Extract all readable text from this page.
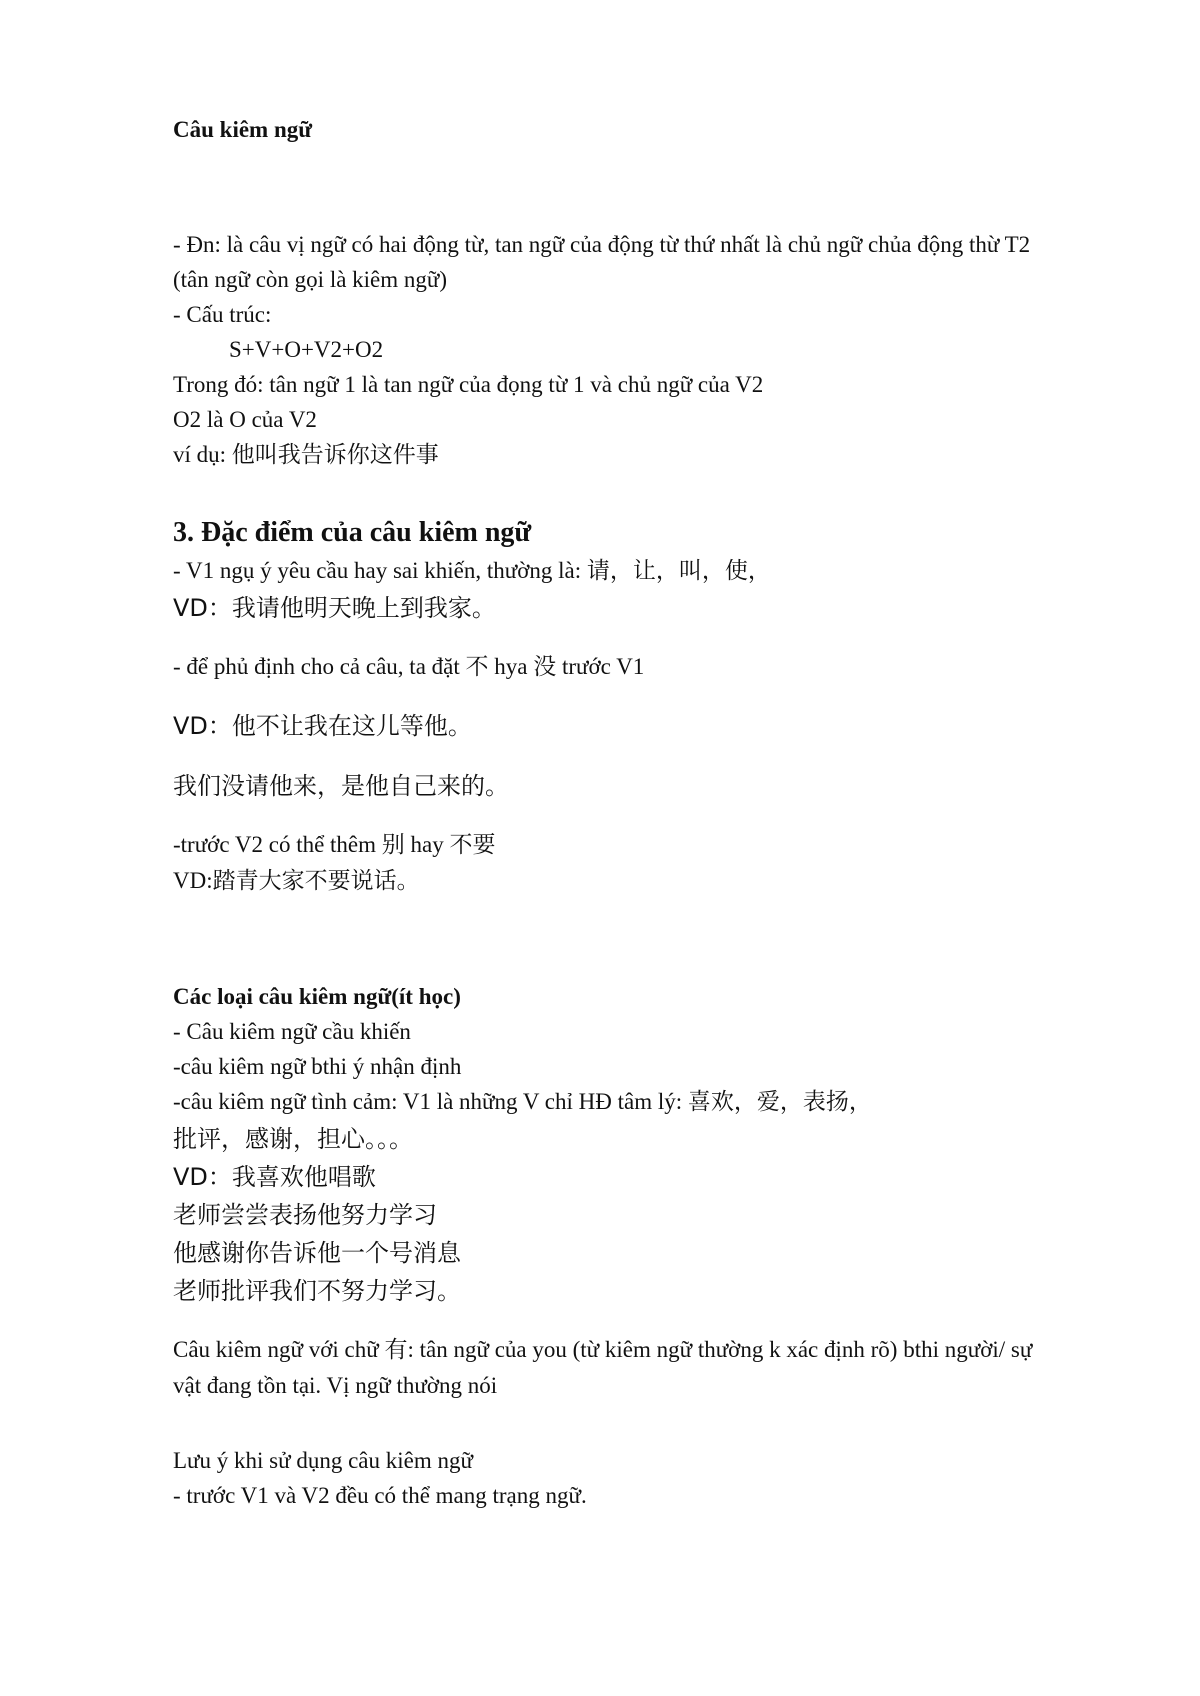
Câu kiêm ngữ
- Đn: là câu vị ngữ có hai động từ, tan ngữ của động từ thứ nhất là chủ ngữ chủa động thừ T2 (tân ngữ còn gọi là kiêm ngữ)
- Cấu trúc:
S+V+O+V2+O2
Trong đó: tân ngữ 1 là tan ngữ của đọng từ 1 và chủ ngữ của V2
O2 là O của V2
ví dụ: 他叫我告诉你这件事
3. Đặc điểm của câu kiêm ngữ
- V1 ngụ ý yêu cầu hay sai khiến, thường là: 请，让，叫，使，
VD：我请他明天晚上到我家。
- để phủ định cho cả câu, ta đặt 不 hya 没 trước V1
VD：他不让我在这儿等他。
我们没请他来，是他自己来的。
-trước V2 có thể thêm 别 hay 不要
VD:踏青大家不要说话。
Các loại câu kiêm ngữ(ít học)
- Câu kiêm ngữ cầu khiến
-câu kiêm ngữ bthi ý nhận định
-câu kiêm ngữ tình cảm: V1 là những V chỉ HĐ tâm lý: 喜欢，爱，表扬，
批评，感谢，担心。。。
VD：我喜欢他唱歌
老师尝尝表扬他努力学习
他感谢你告诉他一个号消息
老师批评我们不努力学习。
Câu kiêm ngữ với chữ 有: tân ngữ của you (từ kiêm ngữ thường k xác định rõ) bthi người/ sự vật đang tồn tại. Vị ngữ thường nói
Lưu ý khi sử dụng câu kiêm ngữ
- trước V1 và V2 đều có thể mang trạng ngữ.
